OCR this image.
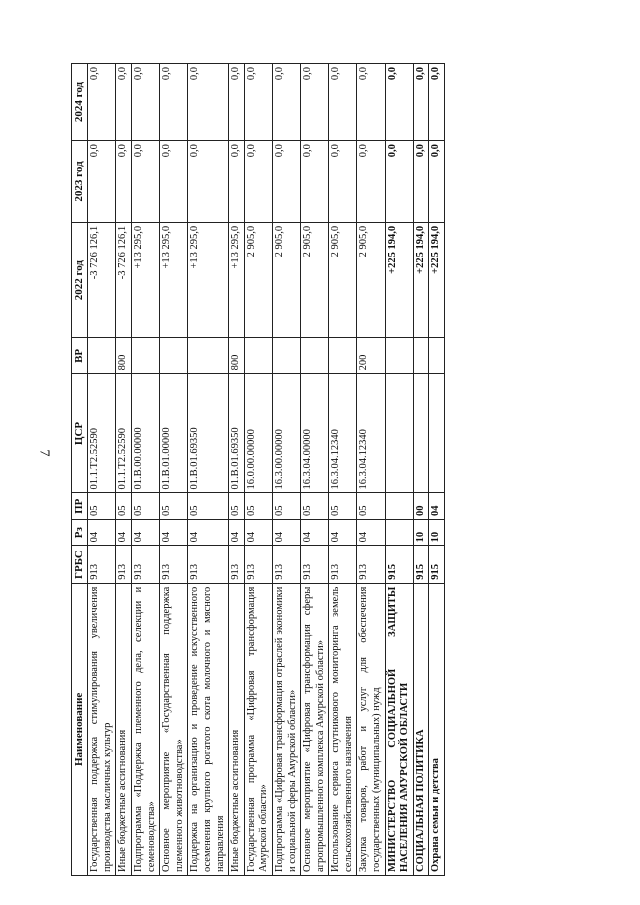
7
Наименование	ГРБС	Рз	ПР	ЦСР	ВР	2022 год	2023 год	2024 год
Государственная поддержка стимулирования увеличения производства масличных культур	913	04	05	01.1.Т2.52590		-3 726 126,1	0,0	0,0
Иные бюджетные ассигнования	913	04	05	01.1.Т2.52590	800	-3 726 126,1	0,0	0,0
Подпрограмма «Поддержка племенного дела, селекции и семеноводства»	913	04	05	01.В.00.00000		+13 295,0	0,0	0,0
Основное мероприятие «Государственная поддержка племенного животноводства»	913	04	05	01.В.01.00000		+13 295,0	0,0	0,0
Поддержка на организацию и проведение искусственного осеменения крупного рогатого скота молочного и мясного направления	913	04	05	01.В.01.69350		+13 295,0	0,0	0,0
Иные бюджетные ассигнования	913	04	05	01.В.01.69350	800	+13 295,0	0,0	0,0
Государственная программа «Цифровая трансформация Амурской области»	913	04	05	16.0.00.00000		2 905,0	0,0	0,0
Подпрограмма «Цифровая трансформация отраслей экономики и социальной сферы Амурской области»	913	04	05	16.3.00.00000		2 905,0	0,0	0,0
Основное мероприятие «Цифровая трансформация сферы агропромышленного комплекса Амурской области»	913	04	05	16.3.04.00000		2 905,0	0,0	0,0
Использование сервиса спутникового мониторинга земель сельскохозяйственного назначения	913	04	05	16.3.04.12340		2 905,0	0,0	0,0
Закупка товаров, работ и услуг для обеспечения государственных (муниципальных) нужд	913	04	05	16.3.04.12340	200	2 905,0	0,0	0,0
МИНИСТЕРСТВО СОЦИАЛЬНОЙ ЗАЩИТЫ НАСЕЛЕНИЯ АМУРСКОЙ ОБЛАСТИ	915					+225 194,0	0,0	0,0
СОЦИАЛЬНАЯ ПОЛИТИКА	915	10	00			+225 194,0	0,0	0,0
Охрана семьи и детства	915	10	04			+225 194,0	0,0	0,0
